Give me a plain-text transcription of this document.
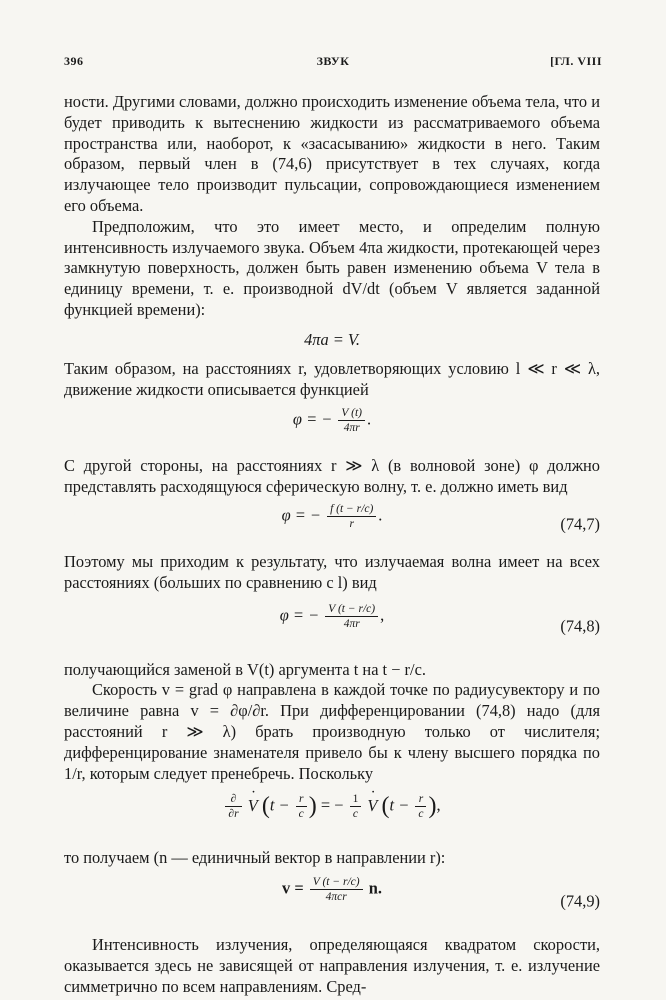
396	ЗВУК	[ГЛ. VIII

ности. Другими словами, должно происходить изменение объема тела, что и будет приводить к вытеснению жидкости из рассматриваемого объема пространства или, наоборот, к «засасыванию» жидкости в него. Таким образом, первый член в (74,6) присутствует в тех случаях, когда излучающее тело производит пульсации, сопровождающиеся изменением его объема.

Предположим, что это имеет место, и определим полную интенсивность излучаемого звука. Объем 4πа жидкости, протекающей через замкнутую поверхность, должен быть равен изменению объема V тела в единицу времени, т. е. производной dV/dt (объем V является заданной функцией времени):

4πa = V.

Таким образом, на расстояниях r, удовлетворяющих условию l ≪ r ≪ λ, движение жидкости описывается функцией

φ = − $\frac{V (t)}{4\pi r}$ .

С другой стороны, на расстояниях r ≫ λ (в волновой зоне) φ должно представлять расходящуюся сферическую волну, т. е. должно иметь вид

φ = − $\frac{f (t - r/c)}{r}$ .	(74,7)

Поэтому мы приходим к результату, что излучаемая волна имеет на всех расстояниях (больших по сравнению с l) вид

φ = − $\frac{V (t - r/c)}{4\pi r}$ ,
(74,8)

получающийся заменой в V(t) аргумента t на t − r/c.

Скорость v = grad φ направлена в каждой точке по радиусувектору и по величине равна v = ∂φ/∂r. При дифференцировании (74,8) надо (для расстояний r ≫ λ) брать производную только от числителя; дифференцирование знаменателя привело бы к члену высшего порядка по 1/r, которым следует пренебречь. Поскольку

$\frac{\partial}{\partial r}$ ˙ V ($t - \frac{r}{c}$ ) = − $\frac{1}{c}$ ˙ V ($t - \frac{r}{c}$ ),

то получаем (n — единичный вектор в направлении r):

$v = \frac{V (t - r/c)}{\text{4πcr}} n$.
(74,9)

Интенсивность излучения, определяющаяся квадратом скорости, оказывается здесь не зависящей от направления излучения, т. е. излучение симметрично по всем направлениям. Сред-
